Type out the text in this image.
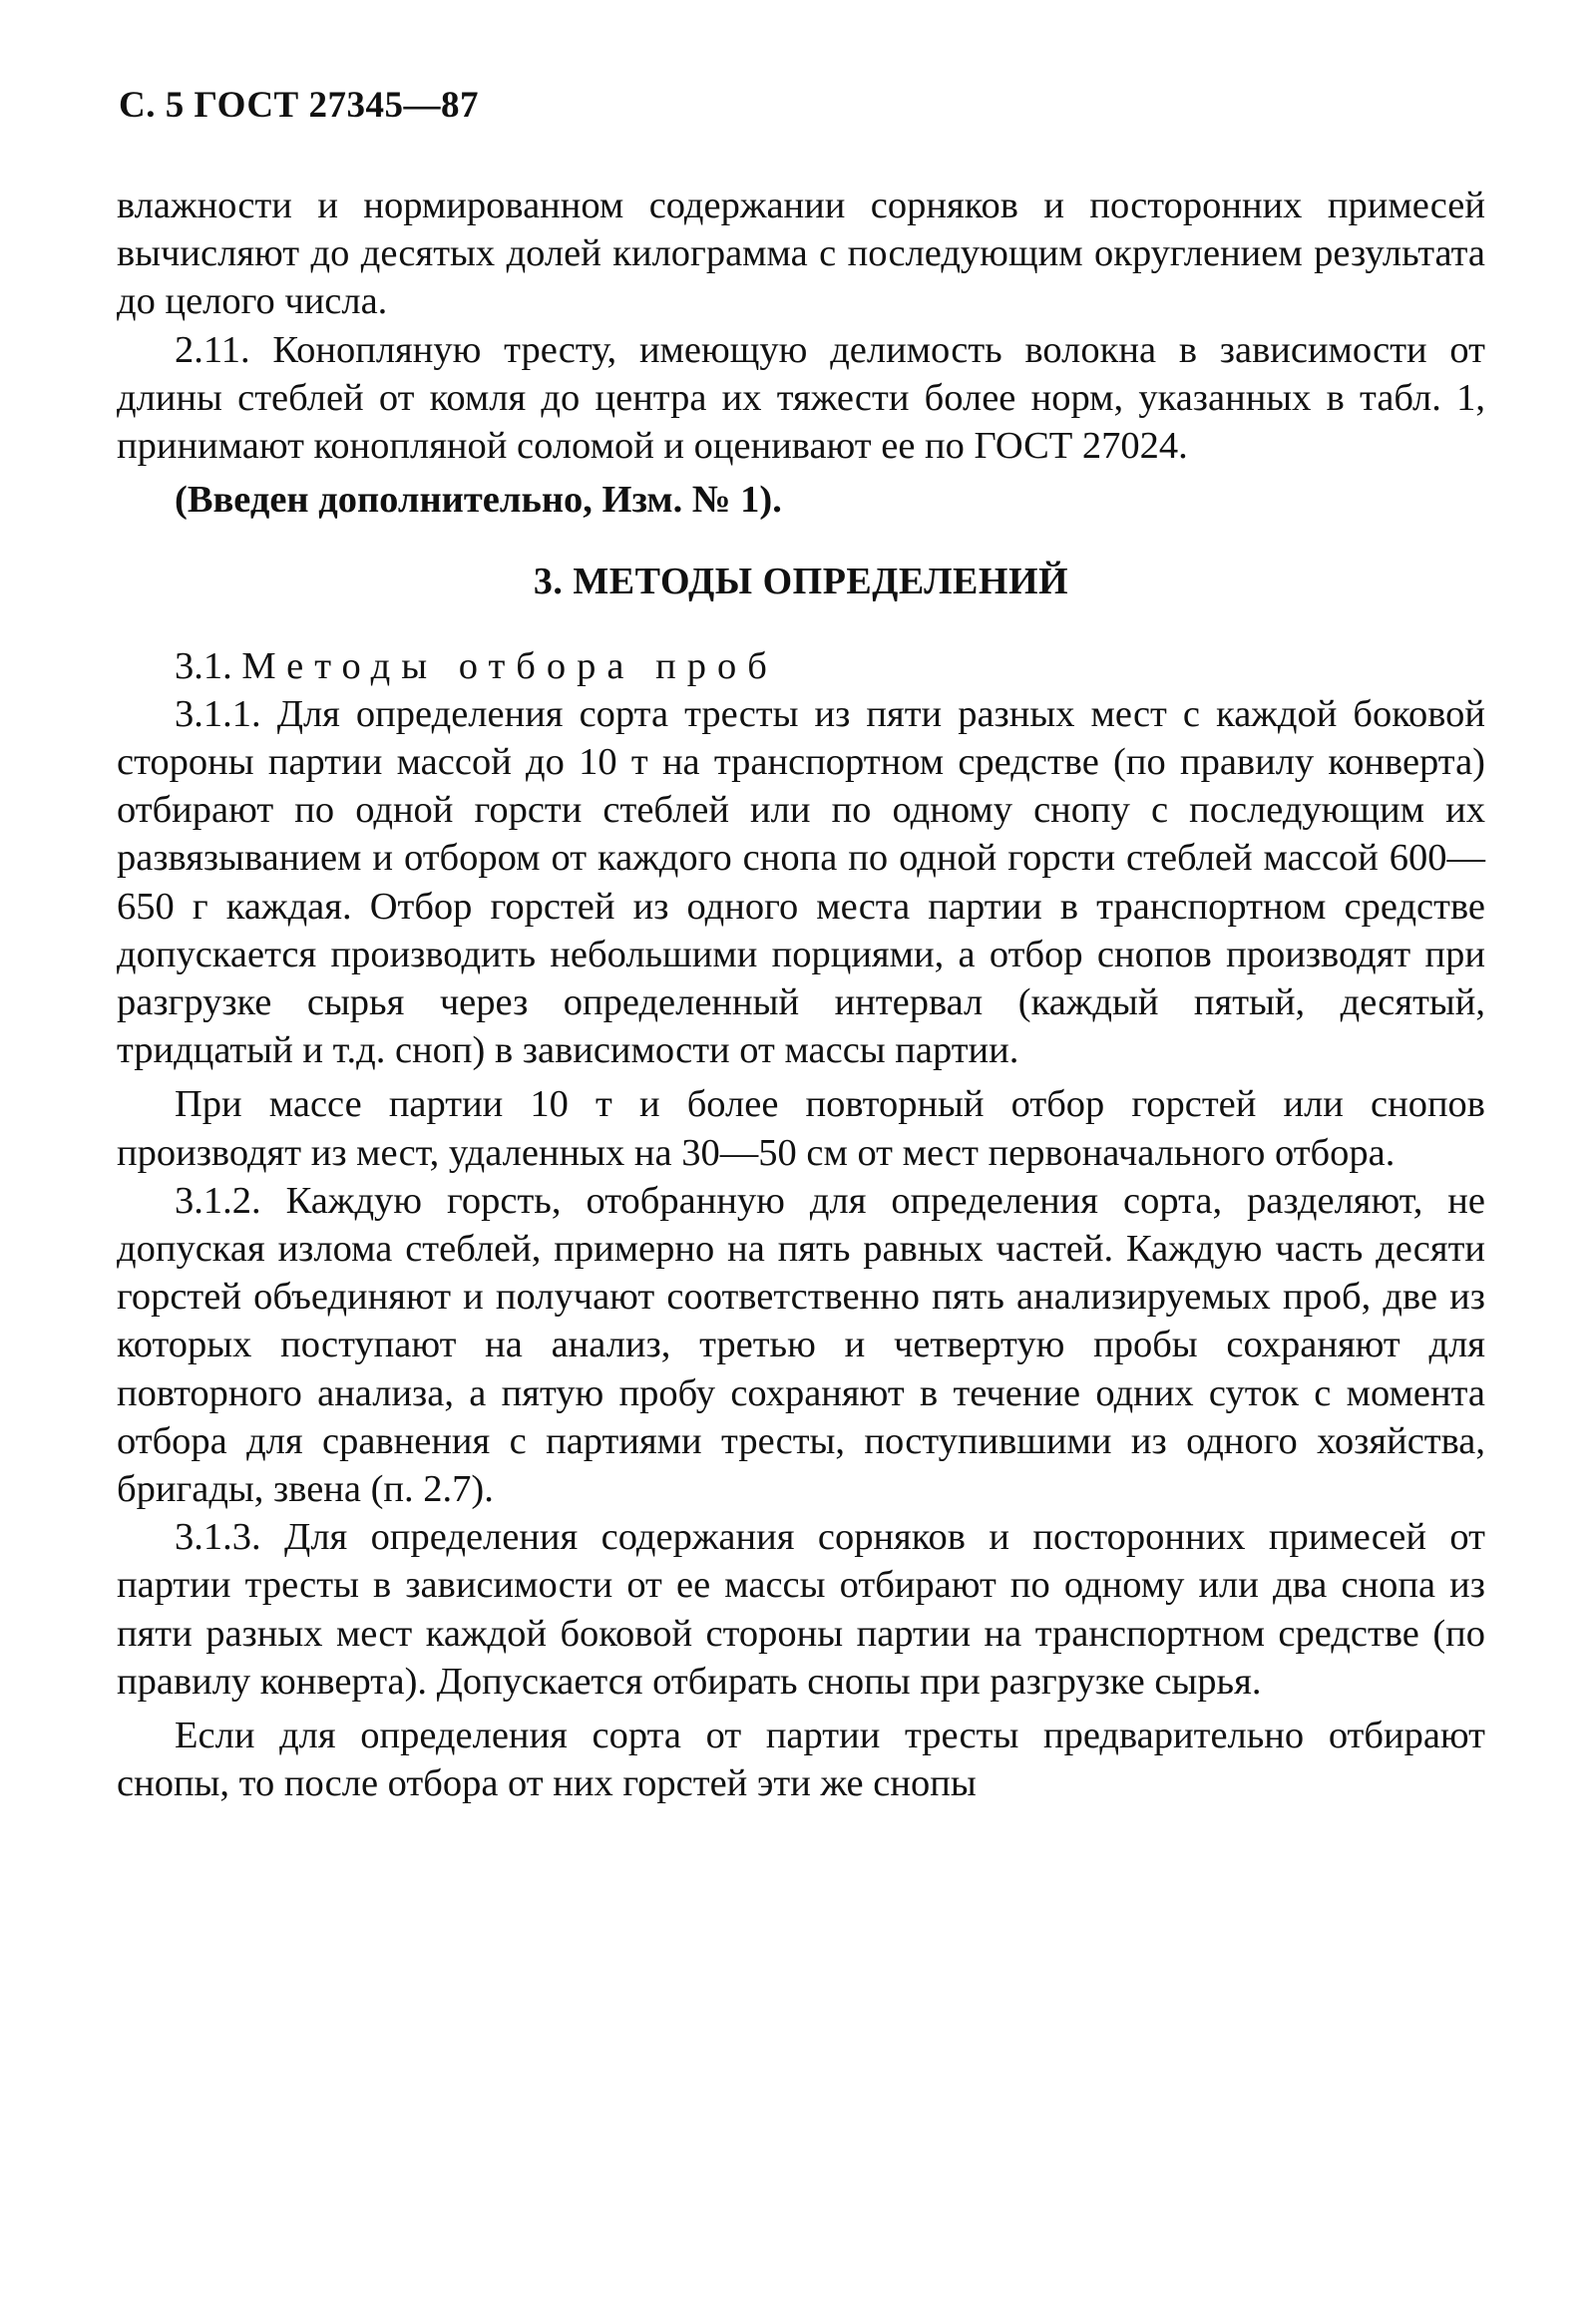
С. 5 ГОСТ 27345—87

влажности и нормированном содержании сорняков и посторонних примесей вычисляют до десятых долей килограмма с последующим округлением результата до целого числа.

2.11. Конопляную тресту, имеющую делимость волокна в зависимости от длины стеблей от комля до центра их тяжести более норм, указанных в табл. 1, принимают конопляной соломой и оценивают ее по ГОСТ 27024.

(Введен дополнительно, Изм. № 1).

3. МЕТОДЫ ОПРЕДЕЛЕНИЙ

3.1. Методы отбора проб

3.1.1. Для определения сорта тресты из пяти разных мест с каждой боковой стороны партии массой до 10 т на транспортном средстве (по правилу конверта) отбирают по одной горсти стеблей или по одному снопу с последующим их развязыванием и отбором от каждого снопа по одной горсти стеблей массой 600—650 г каждая. Отбор горстей из одного места партии в транспортном средстве допускается производить небольшими порциями, а отбор снопов производят при разгрузке сырья через определенный интервал (каждый пятый, десятый, тридцатый и т.д. сноп) в зависимости от массы партии.

При массе партии 10 т и более повторный отбор горстей или снопов производят из мест, удаленных на 30—50 см от мест первоначального отбора.

3.1.2. Каждую горсть, отобранную для определения сорта, разделяют, не допуская излома стеблей, примерно на пять равных частей. Каждую часть десяти горстей объединяют и получают соответственно пять анализируемых проб, две из которых поступают на анализ, третью и четвертую пробы сохраняют для повторного анализа, а пятую пробу сохраняют в течение одних суток с момента отбора для сравнения с партиями тресты, поступившими из одного хозяйства, бригады, звена (п. 2.7).

3.1.3. Для определения содержания сорняков и посторонних примесей от партии тресты в зависимости от ее массы отбирают по одному или два снопа из пяти разных мест каждой боковой стороны партии на транспортном средстве (по правилу конверта). Допускается отбирать снопы при разгрузке сырья.

Если для определения сорта от партии тресты предварительно отбирают снопы, то после отбора от них горстей эти же снопы
